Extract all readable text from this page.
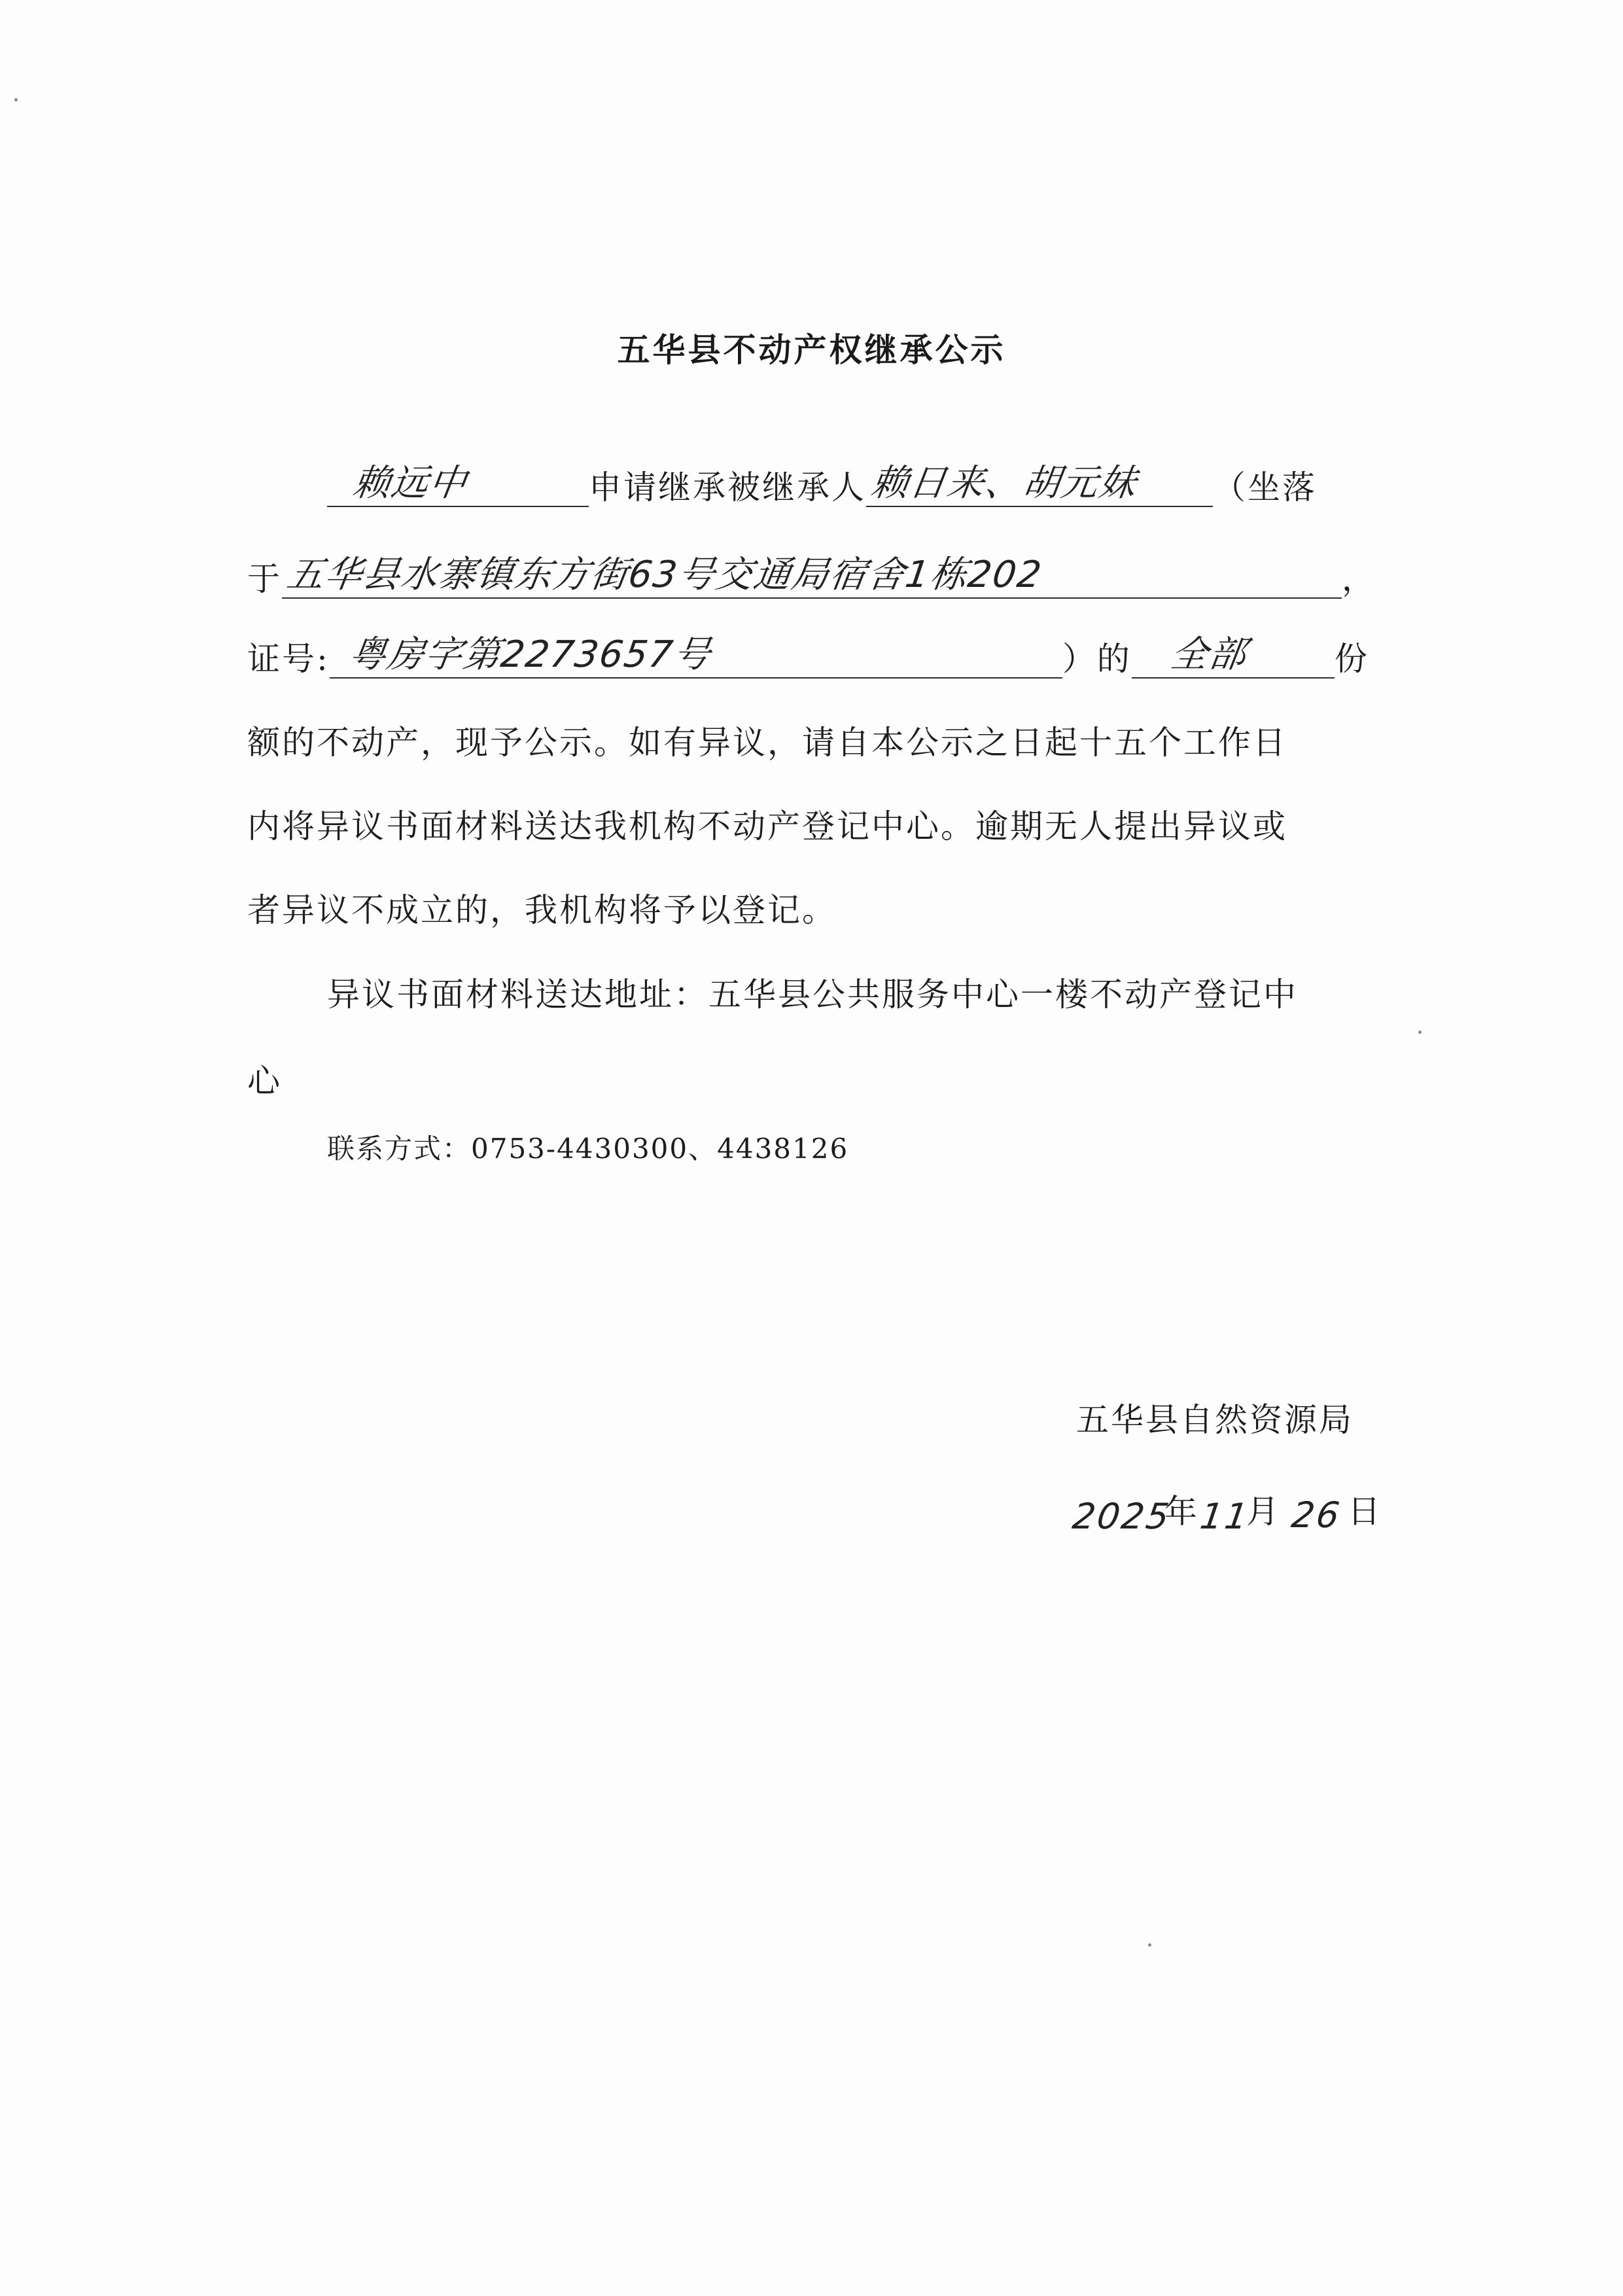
五华县不动产权继承公示
赖远中	申请继承被继承人 赖日来、胡元妹 （坐落
于 五华县水寨镇东方街63号交通局宿舍1栋202	，
证号: 粤房字第2273657号	）的 全部	份
额的不动产，现予公示。如有异议，请自本公示之日起十五个工作日
内将异议书面材料送达我机构不动产登记中心。逾期无人提出异议或
者异议不成立的，我机构将予以登记。
异议书面材料送达地址：五华县公共服务中心一楼不动产登记中
心
联系方式：0753-4430300、4438126
五华县自然资源局
2025
年
11
月 26 日
